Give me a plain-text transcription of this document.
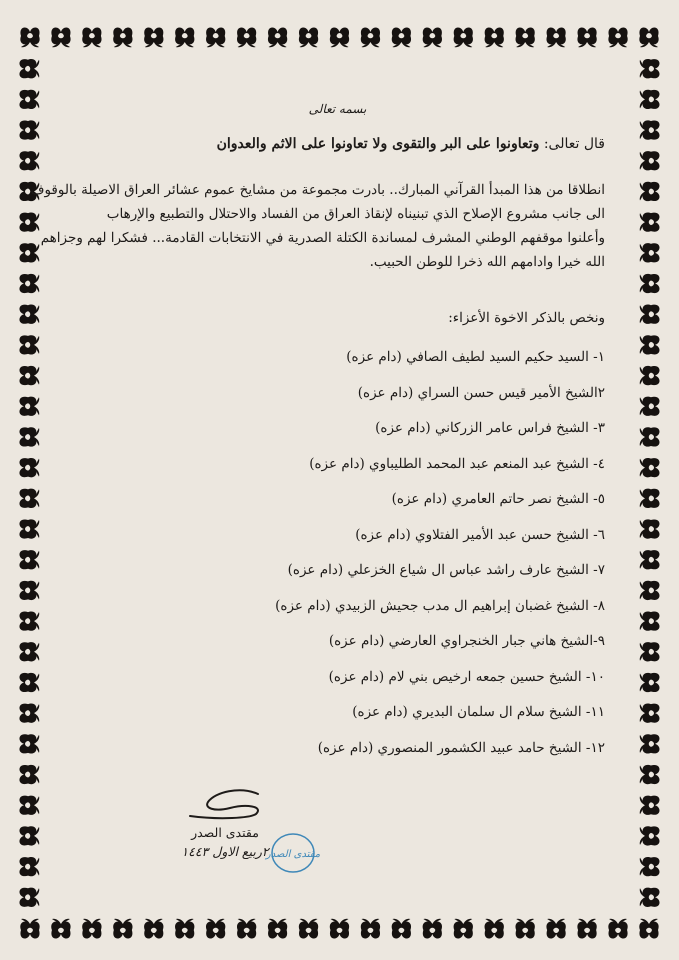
بسمه تعالى
قال تعالى: وتعاونوا على البر والتقوى ولا تعاونوا على الاثم والعدوان
انطلاقا من هذا المبدأ القرآني المبارك.. بادرت مجموعة من مشايخ عموم عشائر العراق الاصيلة بالوقوف
الى جانب مشروع الإصلاح الذي تبنيناه لإنقاذ العراق من الفساد والاحتلال والتطبيع والإرهاب
وأعلنوا موقفهم الوطني المشرف لمساندة الكتلة الصدرية في الانتخابات القادمة... فشكرا لهم وجزاهم
الله خيرا وادامهم الله ذخرا للوطن الحبيب.
ونخص بالذكر الاخوة الأعزاء:
١- السيد حكيم السيد لطيف الصافي (دام عزه)
٢الشيخ الأمير قيس حسن السراي (دام عزه)
٣- الشيخ فراس عامر الزركاني (دام عزه)
٤- الشيخ عبد المنعم عبد المحمد الطليباوي (دام عزه)
٥- الشيخ نصر حاتم العامري (دام عزه)
٦- الشيخ حسن عبد الأمير الفتلاوي (دام عزه)
٧- الشيخ عارف راشد عباس ال شياع الخزعلي (دام عزه)
٨- الشيخ غضبان إبراهيم ال مدب جحيش الزبيدي (دام عزه)
٩-الشيخ هاني جبار الخنجراوي العارضي (دام عزه)
١٠- الشيخ حسين جمعه ارخيص بني لام (دام عزه)
١١- الشيخ سلام ال سلمان البديري (دام عزه)
١٢- الشيخ حامد عبيد الكشمور المنصوري (دام عزه)
مقتدى الصدر
٢ربيع الاول ١٤٤٣
مقتدى الصدر
